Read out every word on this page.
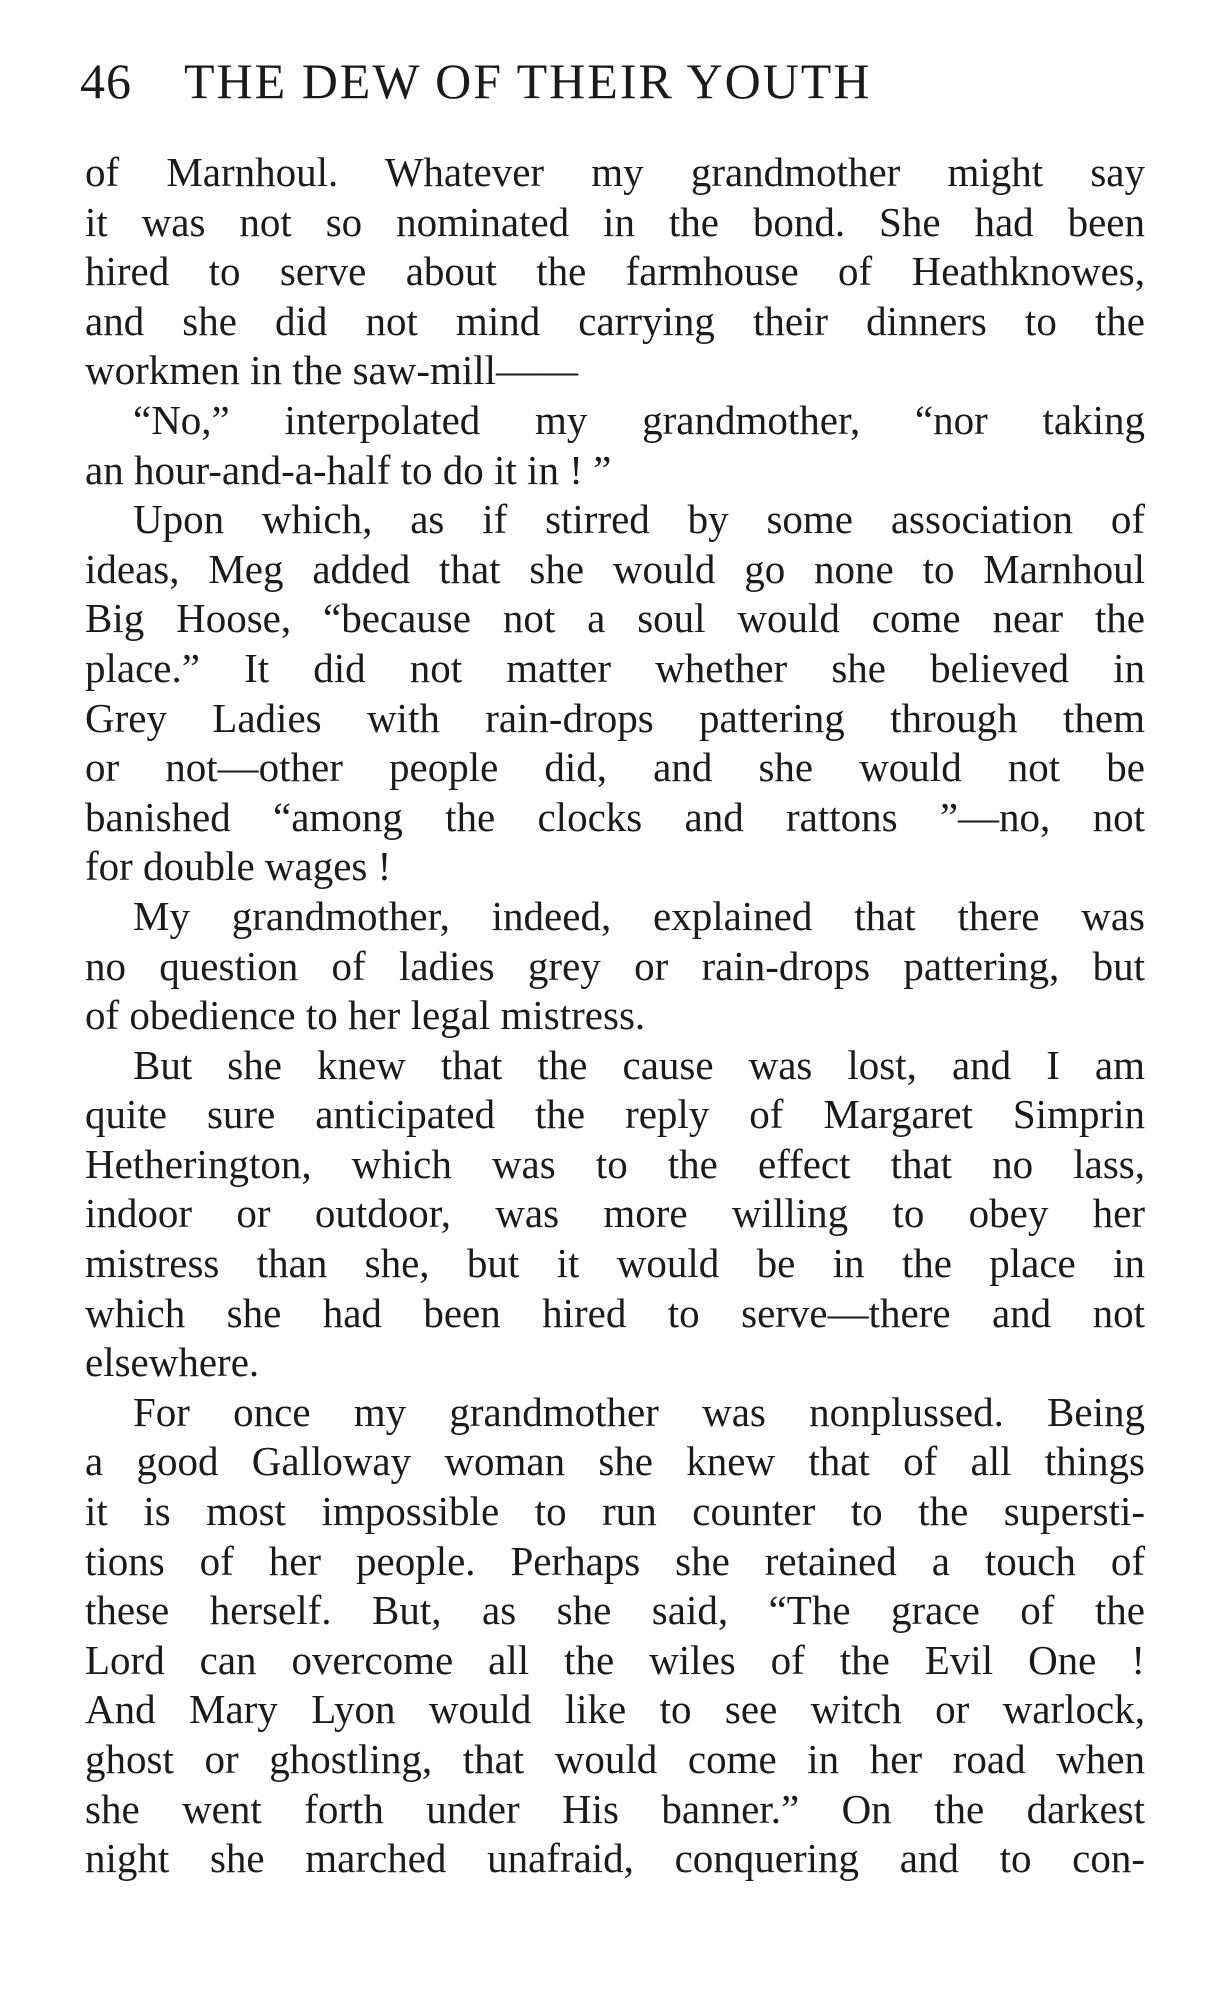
46 THE DEW OF THEIR YOUTH
of Marnhoul. Whatever my grandmother might say
it was not so nominated in the bond. She had been
hired to serve about the farmhouse of Heathknowes,
and she did not mind carrying their dinners to the
workmen in the saw-mill——
“No,” interpolated my grandmother, “nor taking
an hour-and-a-half to do it in ! ”
Upon which, as if stirred by some association of
ideas, Meg added that she would go none to Marnhoul
Big Hoose, “because not a soul would come near the
place.” It did not matter whether she believed in
Grey Ladies with rain-drops pattering through them
or not—other people did, and she would not be
banished “among the clocks and rattons ”—no, not
for double wages !
My grandmother, indeed, explained that there was
no question of ladies grey or rain-drops pattering, but
of obedience to her legal mistress.
But she knew that the cause was lost, and I am
quite sure anticipated the reply of Margaret Simprin
Hetherington, which was to the effect that no lass,
indoor or outdoor, was more willing to obey her
mistress than she, but it would be in the place in
which she had been hired to serve—there and not
elsewhere.
For once my grandmother was nonplussed. Being
a good Galloway woman she knew that of all things
it is most impossible to run counter to the supersti-
tions of her people. Perhaps she retained a touch of
these herself. But, as she said, “The grace of the
Lord can overcome all the wiles of the Evil One !
And Mary Lyon would like to see witch or warlock,
ghost or ghostling, that would come in her road when
she went forth under His banner.” On the darkest
night she marched unafraid, conquering and to con-
